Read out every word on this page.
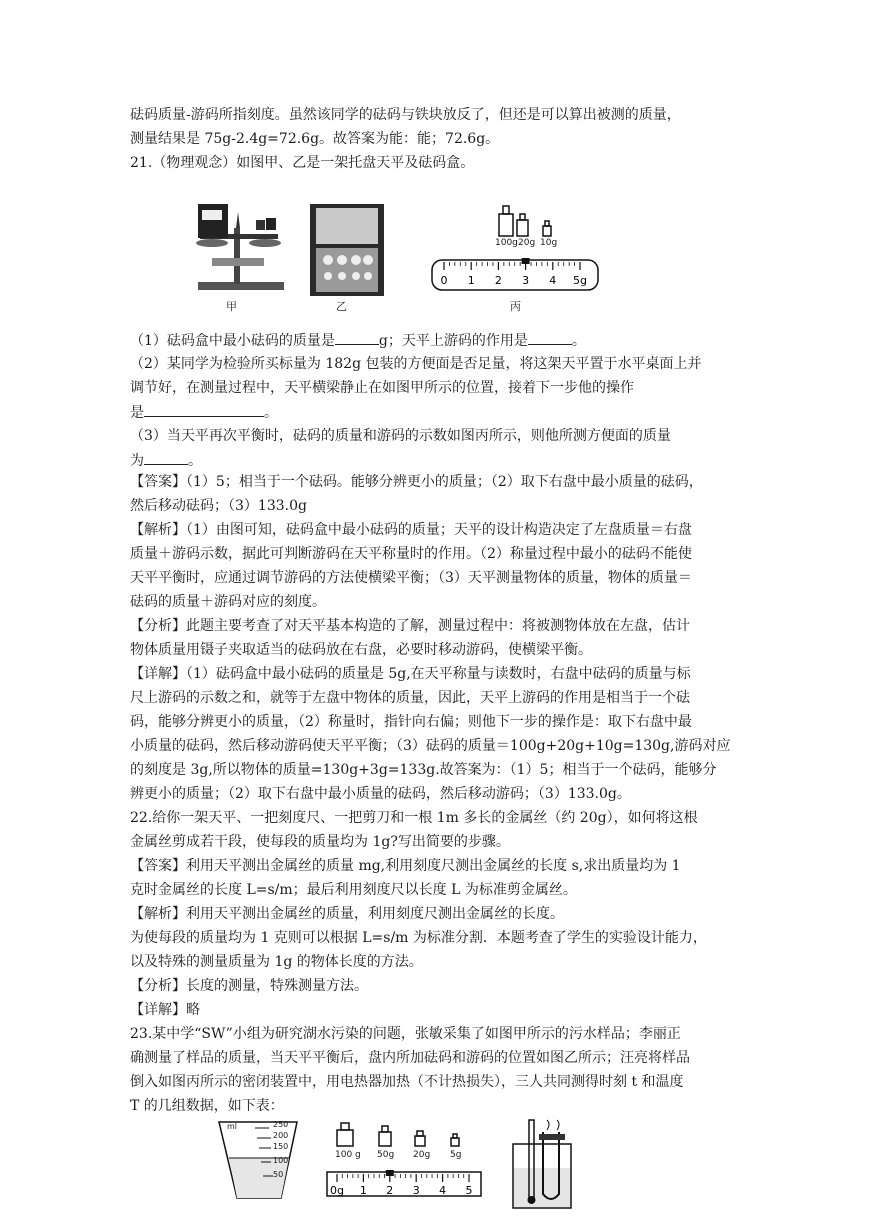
砝码质量-游码所指刻度。虽然该同学的砝码与铁块放反了，但还是可以算出被测的质量，
测量结果是 75g-2.4g=72.6g。故答案为能：能；72.6g。
21.（物理观念）如图甲、乙是一架托盘天平及砝码盒。
100g 20g 10g
0 1 2 3 4 5g
甲	乙	丙
（1）砝码盒中最小砝码的质量是	g；天平上游码的作用是	。
（2）某同学为检验所买标量为 182g 包装的方便面是否足量，将这架天平置于水平桌面上并
调节好，在测量过程中，天平横梁静止在如图甲所示的位置，接着下一步他的操作
是	。
（3）当天平再次平衡时，砝码的质量和游码的示数如图丙所示，则他所测方便面的质量
为	。
【答案】（1）5；相当于一个砝码。能够分辨更小的质量；（2）取下右盘中最小质量的砝码，
然后移动砝码；（3）133.0g
【解析】（1）由图可知，砝码盒中最小砝码的质量；天平的设计构造决定了左盘质量＝右盘
质量＋游码示数，据此可判断游码在天平称量时的作用。（2）称量过程中最小的砝码不能使
天平平衡时，应通过调节游码的方法使横梁平衡；（3）天平测量物体的质量，物体的质量＝
砝码的质量＋游码对应的刻度。
【分析】此题主要考查了对天平基本构造的了解，测量过程中：将被测物体放在左盘，估计
物体质量用镊子夹取适当的砝码放在右盘，必要时移动游码，使横梁平衡。
【详解】（1）砝码盒中最小砝码的质量是 5g,在天平称量与读数时，右盘中砝码的质量与标
尺上游码的示数之和，就等于左盘中物体的质量，因此，天平上游码的作用是相当于一个砝
码，能够分辨更小的质量，（2）称量时，指针向右偏；则他下一步的操作是：取下右盘中最
小质量的砝码，然后移动游码使天平平衡；（3）砝码的质量＝100g+20g+10g=130g,游码对应
的刻度是 3g,所以物体的质量=130g+3g=133g.故答案为：（1）5；相当于一个砝码，能够分
辨更小的质量；（2）取下右盘中最小质量的砝码，然后移动游码；（3）133.0g。
22.给你一架天平、一把刻度尺、一把剪刀和一根 1m 多长的金属丝（约 20g），如何将这根
金属丝剪成若干段，使每段的质量均为 1g?写出简要的步骤。
【答案】利用天平测出金属丝的质量 mg,利用刻度尺测出金属丝的长度 s,求出质量均为 1
克时金属丝的长度 L=s/m；最后利用刻度尺以长度 L 为标准剪金属丝。
【解析】利用天平测出金属丝的质量，利用刻度尺测出金属丝的长度。
为使每段的质量均为 1 克则可以根据 L=s/m 为标准分割．本题考查了学生的实验设计能力，
以及特殊的测量质量为 1g 的物体长度的方法。
【分析】长度的测量，特殊测量方法。
【详解】略
23.某中学“SW”小组为研究湖水污染的问题，张敏采集了如图甲所示的污水样品；李丽正
确测量了样品的质量，当天平平衡后，盘内所加砝码和游码的位置如图乙所示；汪亮将样品
倒入如图丙所示的密闭装置中，用电热器加热（不计热损失），三人共同测得时刻 t 和温度
T 的几组数据，如下表：
ml	250
200
150
100
50
100 g 50g 20g 5g
0g 1 2 3 4 5
